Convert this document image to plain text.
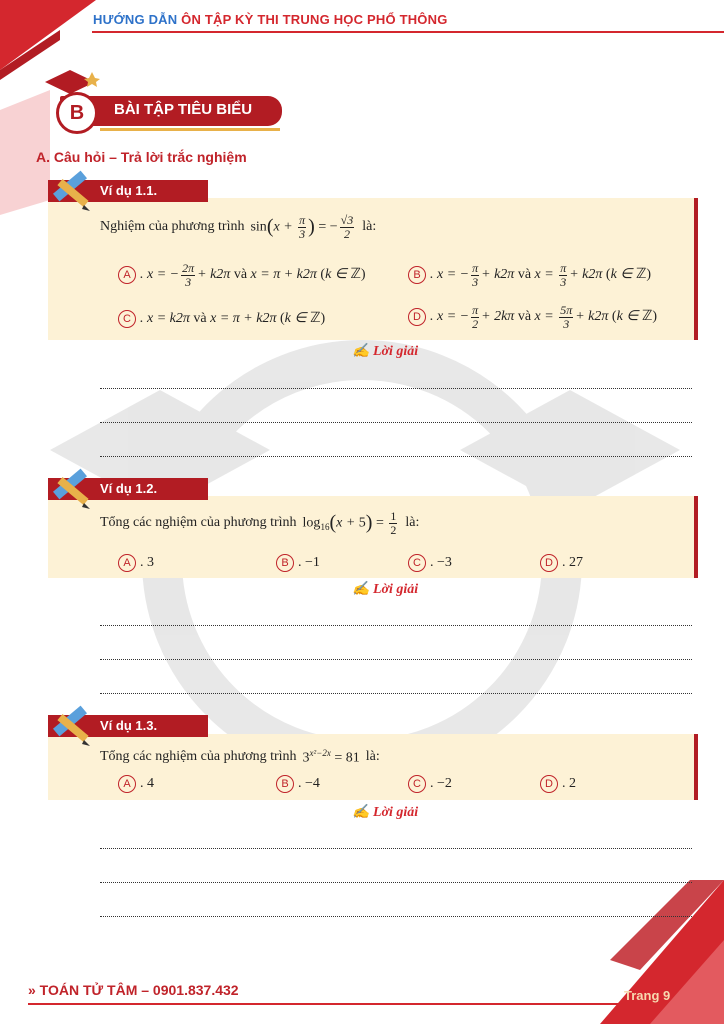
HƯỚNG DẪN ÔN TẬP KỲ THI TRUNG HỌC PHỔ THÔNG
B	BÀI TẬP TIÊU BIỂU
A. Câu hỏi – Trả lời trắc nghiệm
Ví dụ 1.1.
Nghiệm của phương trình $\sin(x + \frac{\pi}{3}$ ) = − $\frac{√3}{2}$ là:
A . x = − $\frac{2\pi}{3} + k2\pi$ và x = π + k2π (k ∈ ℤ)	B . x = − $\frac{\pi}{3} + k2\pi$ và $x = \frac{\pi}{3} + k2\pi$ (k ∈ ℤ)
C . x = k2π và x = π + k2π (k ∈ ℤ)	D . x = − $\frac{\pi}{2} + 2k\pi$ và $x = \frac{5\pi}{3} + k2\pi$ (k ∈ ℤ)
✍ Lời giải
Ví dụ 1.2.
Tổng các nghiệm của phương trình $\log_{16}(x + 5) = \frac{1}{2}$ là:
A . 3	B . −1	C . −3	D . 27
✍ Lời giải
Ví dụ 1.3.
Tổng các nghiệm của phương trình $3^{x^2-2x} = 81$ là:
A . 4	B . −4	C . −2	D . 2
✍ Lời giải
» TOÁN TỬ TÂM – 0901.837.432	Trang 9
